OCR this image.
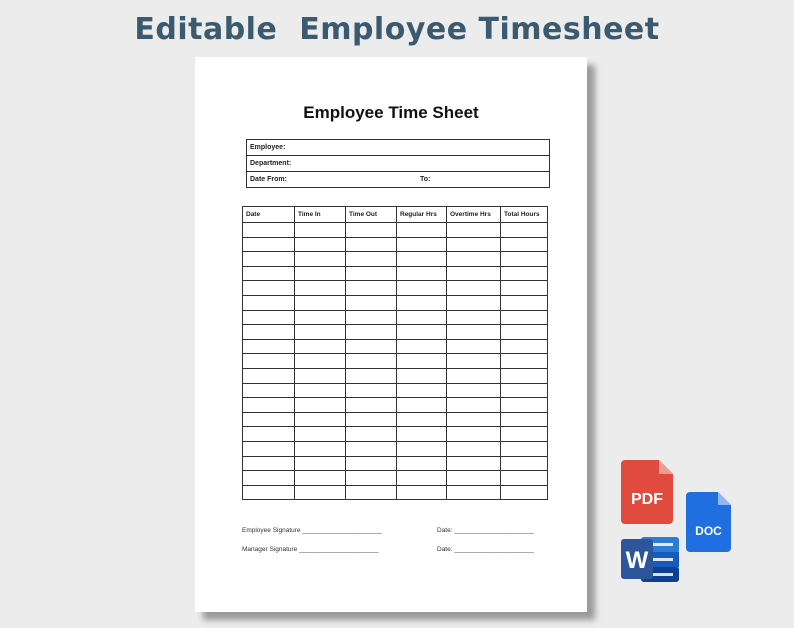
Editable  Employee Timesheet
Employee Time Sheet
Employee:
Department:
Date From:	To:
Date	Time In	Time Out	Regular Hrs	Overtime Hrs	Total Hours

Employee Signature ______________________	Date: ______________________
Manager Signature ______________________	Date: ______________________
PDF
DOC
W
